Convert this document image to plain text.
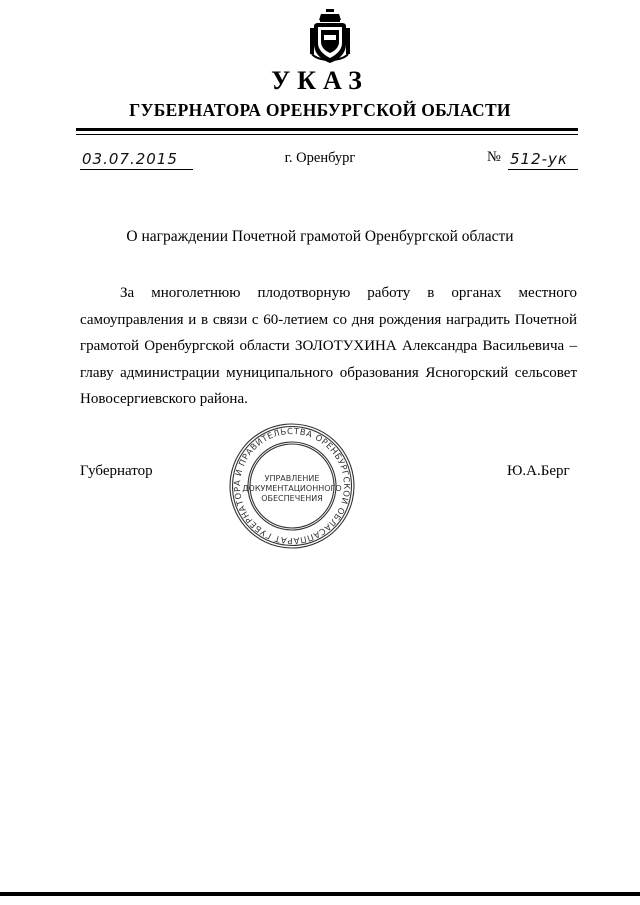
УКАЗ
ГУБЕРНАТОРА ОРЕНБУРГСКОЙ ОБЛАСТИ
03.07.2015	г. Оренбург	№ 512-ук
О награждении Почетной грамотой Оренбургской области

За многолетнюю плодотворную работу в органах местного самоуправления и в связи с 60-летием со дня рождения наградить Почетной грамотой Оренбургской области ЗОЛОТУХИНА Александра Васильевича – главу администрации муниципального образования Ясногорский сельсовет Новосергиевского района.

Губернатор	Ю.А.Берг
АППАРАТ ГУБЕРНАТОРА И ПРАВИТЕЛЬСТВА ОРЕНБУРГСКОЙ ОБЛАСТИ
УПРАВЛЕНИЕ
ДОКУМЕНТАЦИОННОГО
ОБЕСПЕЧЕНИЯ
